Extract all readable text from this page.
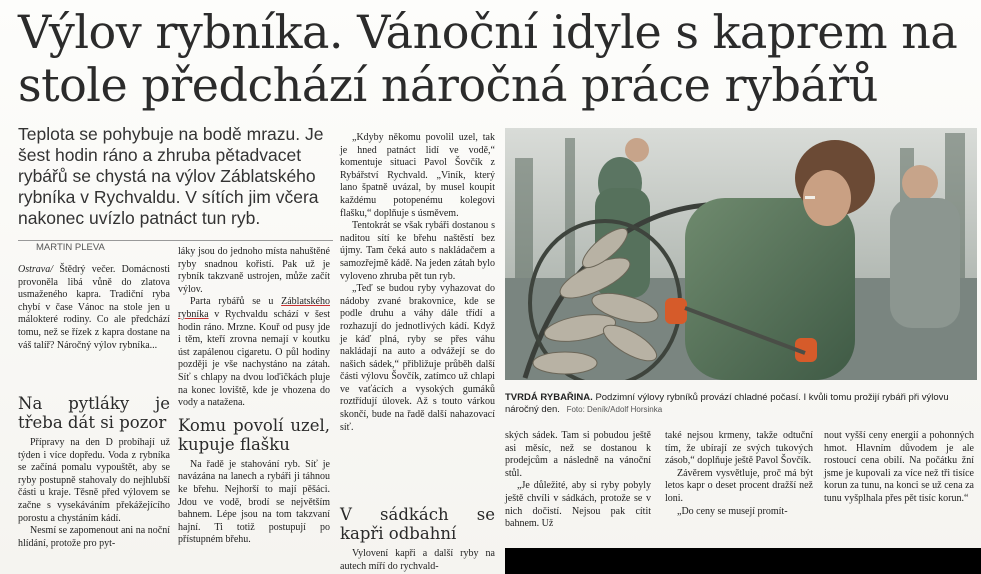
Výlov rybníka. Vánoční idyle s kaprem na stole předchází náročná práce rybářů
Teplota se pohybuje na bodě mrazu. Je šest hodin ráno a zhruba pětadvacet rybářů se chystá na výlov Záblatského rybníka v Rychvaldu. V sítích jim včera nakonec uvízlo patnáct tun ryb.
MARTIN PLEVA

Ostrava/ Štědrý večer. Domácnosti provoněla libá vůně do zlatova usmaženého kapra. Tradiční ryba chybí v čase Vánoc na stole jen u málokteré rodiny. Co ale předchází tomu, než se řízek z kapra dostane na váš talíř? Náročný výlov rybníka...

Na pytláky je třeba dát si pozor

Přípravy na den D probíhají už týden i více dopředu. Voda z rybníka se začíná pomalu vypouštět, aby se ryby postupně stahovaly do nejhlubší části u kraje. Těsně před výlovem se začne s vysekáváním překážejícího porostu a chystáním kádí.

Nesmí se zapomenout ani na noční hlídání, protože pro pyt-

láky jsou do jednoho místa nahuštěné ryby snadnou kořistí. Pak už je rybník takzvaně ustrojen, může začít výlov.

Parta rybářů se u Záblatského rybníka v Rychvaldu schází v šest hodin ráno. Mrzne. Kouř od pusy jde i těm, kteří zrovna nemají v koutku úst zapálenou cigaretu. O půl hodiny později je vše nachystáno na zátah. Síť s chlapy na dvou loďičkách pluje na konec loviště, kde je vhozena do vody a natažena.

Komu povolí uzel, kupuje flašku

Na řadě je stahování ryb. Síť je navázána na lanech a rybáři ji táhnou ke břehu. Nejhorší to mají pěšáci. Jdou ve vodě, brodí se největším bahnem. Lépe jsou na tom takzvaní hajní. Ti totiž postupují po přístupném břehu.

„Kdyby někomu povolil uzel, tak je hned patnáct lidí ve vodě,“ komentuje situaci Pavol Šovčík z Rybářství Rychvald. „Viník, který lano špatně uvázal, by musel koupit každému potopenému kolegovi flašku,“ doplňuje s úsměvem.

Tentokrát se však rybáři dostanou s naditou sítí ke břehu naštěstí bez újmy. Tam čeká auto s nakládačem a samozřejmě kádě. Na jeden zátah bylo vyloveno zhruba pět tun ryb.

„Teď se budou ryby vyhazovat do nádoby zvané brakovnice, kde se podle druhu a váhy dále třídí a rozhazují do jednotlivých kádí. Když je káď plná, ryby se přes váhu nakládají na auto a odvážejí se do našich sádek,“ přibližuje průběh další části výlovu Šovčík, zatímco už chlapi ve vaťácích a vysokých gumáků roztřídují úlovek. Až s touto várkou skončí, bude na řadě další nahazovací síť.

V sádkách se kapři odbahní

Vylovení kapři a další ryby na autech míří do rychvald-

TVRDÁ RYBAŘINA. Podzimní výlovy rybníků provází chladné počasí. I kvůli tomu prožijí rybáři při výlovu náročný den. Foto: Deník/Adolf Horsinka

ských sádek. Tam si pobudou ještě asi měsíc, než se dostanou k prodejcům a následně na vánoční stůl.

„Je důležité, aby si ryby pobyly ještě chvíli v sádkách, protože se v nich dočistí. Nejsou pak cítit bahnem. Už

také nejsou krmeny, takže odtuční tím, že ubírají ze svých tukových zásob,“ doplňuje ještě Pavol Šovčík.

Závěrem vysvětluje, proč má být letos kapr o deset procent dražší než loni.

„Do ceny se musejí promít-

nout vyšší ceny energií a pohonných hmot. Hlavním důvodem je ale rostoucí cena obilí. Na počátku žní jsme je kupovali za více než tři tisíce korun za tunu, na konci se už cena za tunu vyšplhala přes pět tisíc korun.“
